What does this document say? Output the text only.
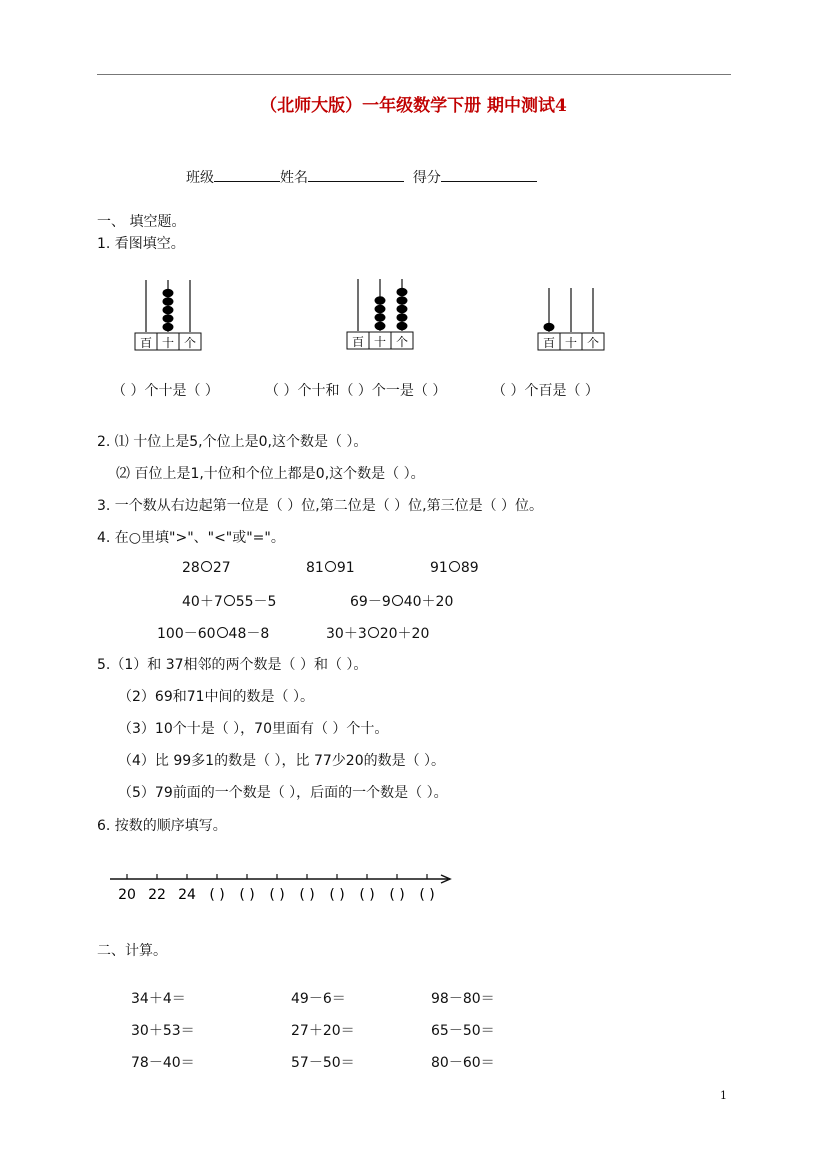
（北师大版）一年级数学下册 期中测试4
班级	姓名	得分
一、 填空题。
1. 看图填空。
百 十 个	百 十 个	百 十 个
（ ）个十是（ ）	（ ）个十和（ ）个一是（ ）	（ ）个百是（ ）
2. ⑴ 十位上是5,个位上是0,这个数是（ ）。
⑵ 百位上是1,十位和个位上都是0,这个数是（ ）。
3. 一个数从右边起第一位是（ ）位,第二位是（ ）位,第三位是（ ）位。
4. 在○里填">"、"<"或"="。
28 27	81 91	91 89
40＋7 55－5	69－9 40＋20
100－60 48－8	30＋3 20＋20
5.（1）和 37相邻的两个数是（ ）和（ ）。
（2）69和71中间的数是（ ）。
（3）10个十是（ ），70里面有（ ）个十。
（4）比 99多1的数是（ ），比 77少20的数是（ ）。
（5）79前面的一个数是（ ），后面的一个数是（ ）。
6. 按数的顺序填写。
20 22 24 ( ) ( ) ( ) ( ) ( ) ( ) ( ) ( )
二、计算。
34＋4＝	49－6＝	98－80＝
30＋53＝	27＋20＝	65－50＝
78－40＝	57－50＝	80－60＝
1
